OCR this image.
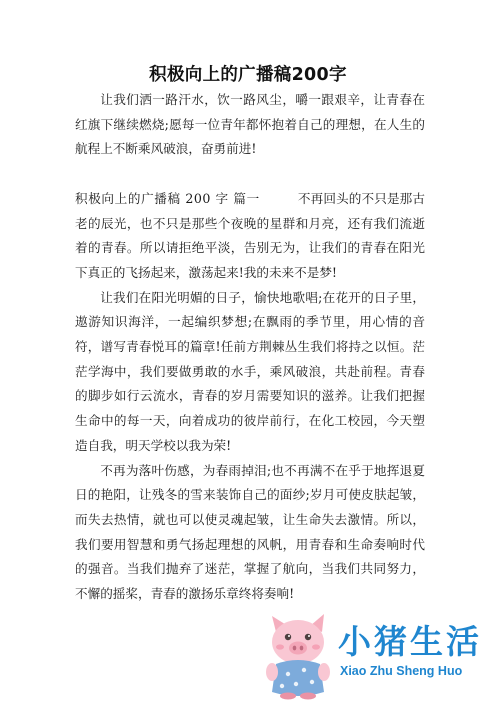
积极向上的广播稿200字

让我们洒一路汗水，饮一路风尘，嚼一跟艰辛，让青春在红旗下继续燃烧;愿每一位青年都怀抱着自己的理想，在人生的航程上不断乘风破浪，奋勇前进!

积极向上的广播稿 200 字 篇一	不再回头的不只是那古老的辰光，也不只是那些个夜晚的星群和月亮，还有我们流逝着的青春。所以请拒绝平淡，告别无为，让我们的青春在阳光下真正的飞扬起来，激荡起来!我的未来不是梦!

让我们在阳光明媚的日子，愉快地歌唱;在花开的日子里，遨游知识海洋，一起编织梦想;在飘雨的季节里，用心情的音符，谱写青春悦耳的篇章!任前方荆棘丛生我们将持之以恒。茫茫学海中，我们要做勇敢的水手，乘风破浪，共赴前程。青春的脚步如行云流水，青春的岁月需要知识的滋养。让我们把握生命中的每一天，向着成功的彼岸前行，在化工校园，今天塑造自我，明天学校以我为荣!

不再为落叶伤感，为春雨掉泪;也不再满不在乎于地挥退夏日的艳阳，让残冬的雪来装饰自己的面纱;岁月可使皮肤起皱，而失去热情，就也可以使灵魂起皱，让生命失去激情。所以，我们要用智慧和勇气扬起理想的风帆，用青春和生命奏响时代的强音。当我们抛弃了迷茫，掌握了航向，当我们共同努力，不懈的摇桨，青春的激扬乐章终将奏响!

小猪生活
Xiao Zhu Sheng Huo
